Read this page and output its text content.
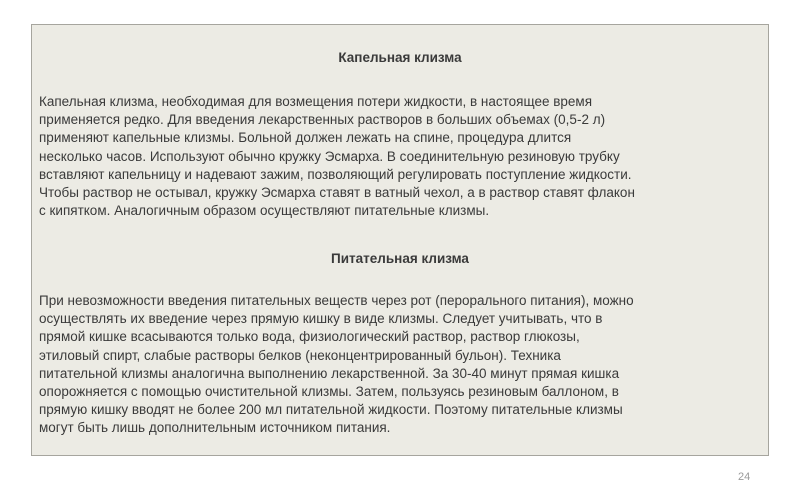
Капельная клизма

Капельная клизма, необходимая для возмещения потери жидкости, в настоящее время
применяется редко. Для введения лекарственных растворов в больших объемах (0,5-2 л)
применяют капельные клизмы. Больной должен лежать на спине, процедура длится
несколько часов. Используют обычно кружку Эсмарха. В соединительную резиновую трубку
вставляют капельницу и надевают зажим, позволяющий регулировать поступление жидкости.
Чтобы раствор не остывал, кружку Эсмарха ставят в ватный чехол, а в раствор ставят флакон
с кипятком. Аналогичным образом осуществляют питательные клизмы.

Питательная клизма

При невозможности введения питательных веществ через рот (перорального питания), можно
осуществлять их введение через прямую кишку в виде клизмы. Следует учитывать, что в
прямой кишке всасываются только вода, физиологический раствор, раствор глюкозы,
этиловый спирт, слабые растворы белков (неконцентрированный бульон). Техника
питательной клизмы аналогична выполнению лекарственной. За 30-40 минут прямая кишка
опорожняется с помощью очистительной клизмы. Затем, пользуясь резиновым баллоном, в
прямую кишку вводят не более 200 мл питательной жидкости. Поэтому питательные клизмы
могут быть лишь дополнительным источником питания.

24
